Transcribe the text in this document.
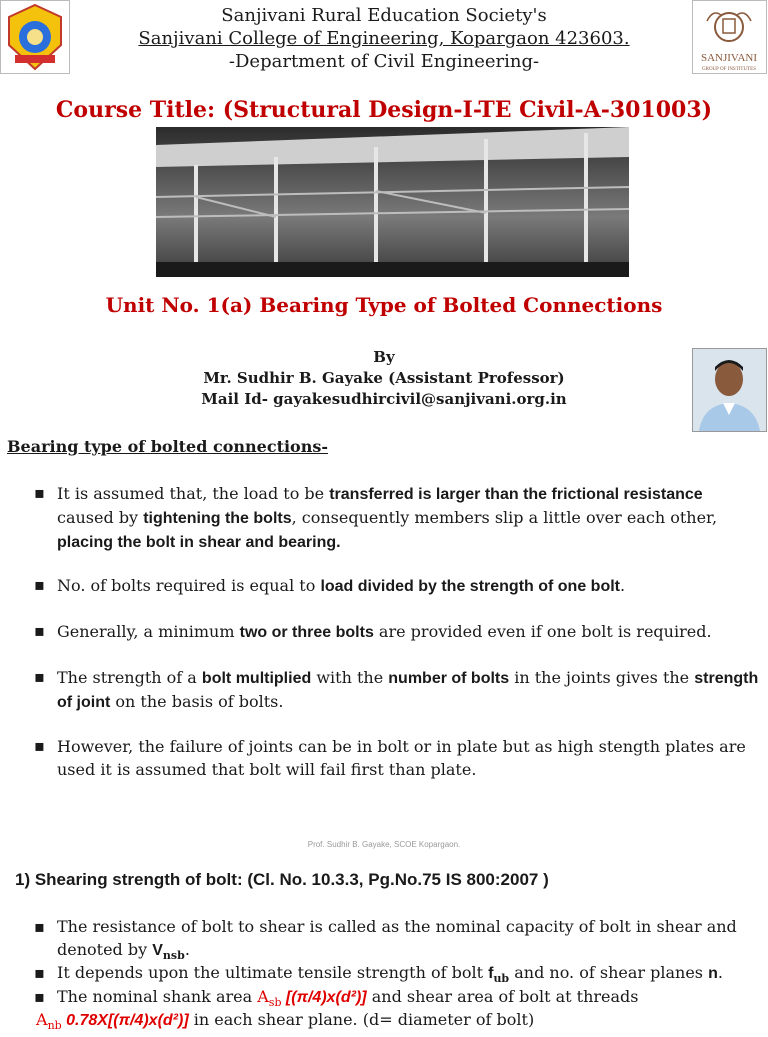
SANJIVANI
GROUP OF INSTITUTES
Sanjivani Rural Education Society's
Sanjivani College of Engineering, Kopargaon 423603.
-Department of Civil Engineering-
Course Title: (Structural Design-I-TE Civil-A-301003)
Unit No. 1(a) Bearing Type of Bolted Connections
By
Mr. Sudhir B. Gayake (Assistant Professor)
Mail Id- gayakesudhircivil@sanjivani.org.in
Bearing type of bolted connections-
▪ It is assumed that, the load to be transferred is larger than the frictional resistance caused by tightening the bolts, consequently members slip a little over each other, placing the bolt in shear and bearing.
▪ No. of bolts required is equal to load divided by the strength of one bolt.
▪ Generally, a minimum two or three bolts are provided even if one bolt is required.
▪ The strength of a bolt multiplied with the number of bolts in the joints gives the strength of joint on the basis of bolts.
▪ However, the failure of joints can be in bolt or in plate but as high stength plates are used it is assumed that bolt will fail first than plate.
Prof. Sudhir B. Gayake, SCOE Kopargaon.
1) Shearing strength of bolt: (Cl. No. 10.3.3, Pg.No.75 IS 800:2007 )
▪ The resistance of bolt to shear is called as the nominal capacity of bolt in shear and denoted by $V_{nsb}$.
▪ It depends upon the ultimate tensile strength of bolt $f_{ub}$ and no. of shear planes n.
▪ The nominal shank area $A_{sb}$ [(π/4)x(d²)] and shear area of bolt at threads
$A_{nb}$ 0.78X[(π/4)x(d²)] in each shear plane. (d= diameter of bolt)
